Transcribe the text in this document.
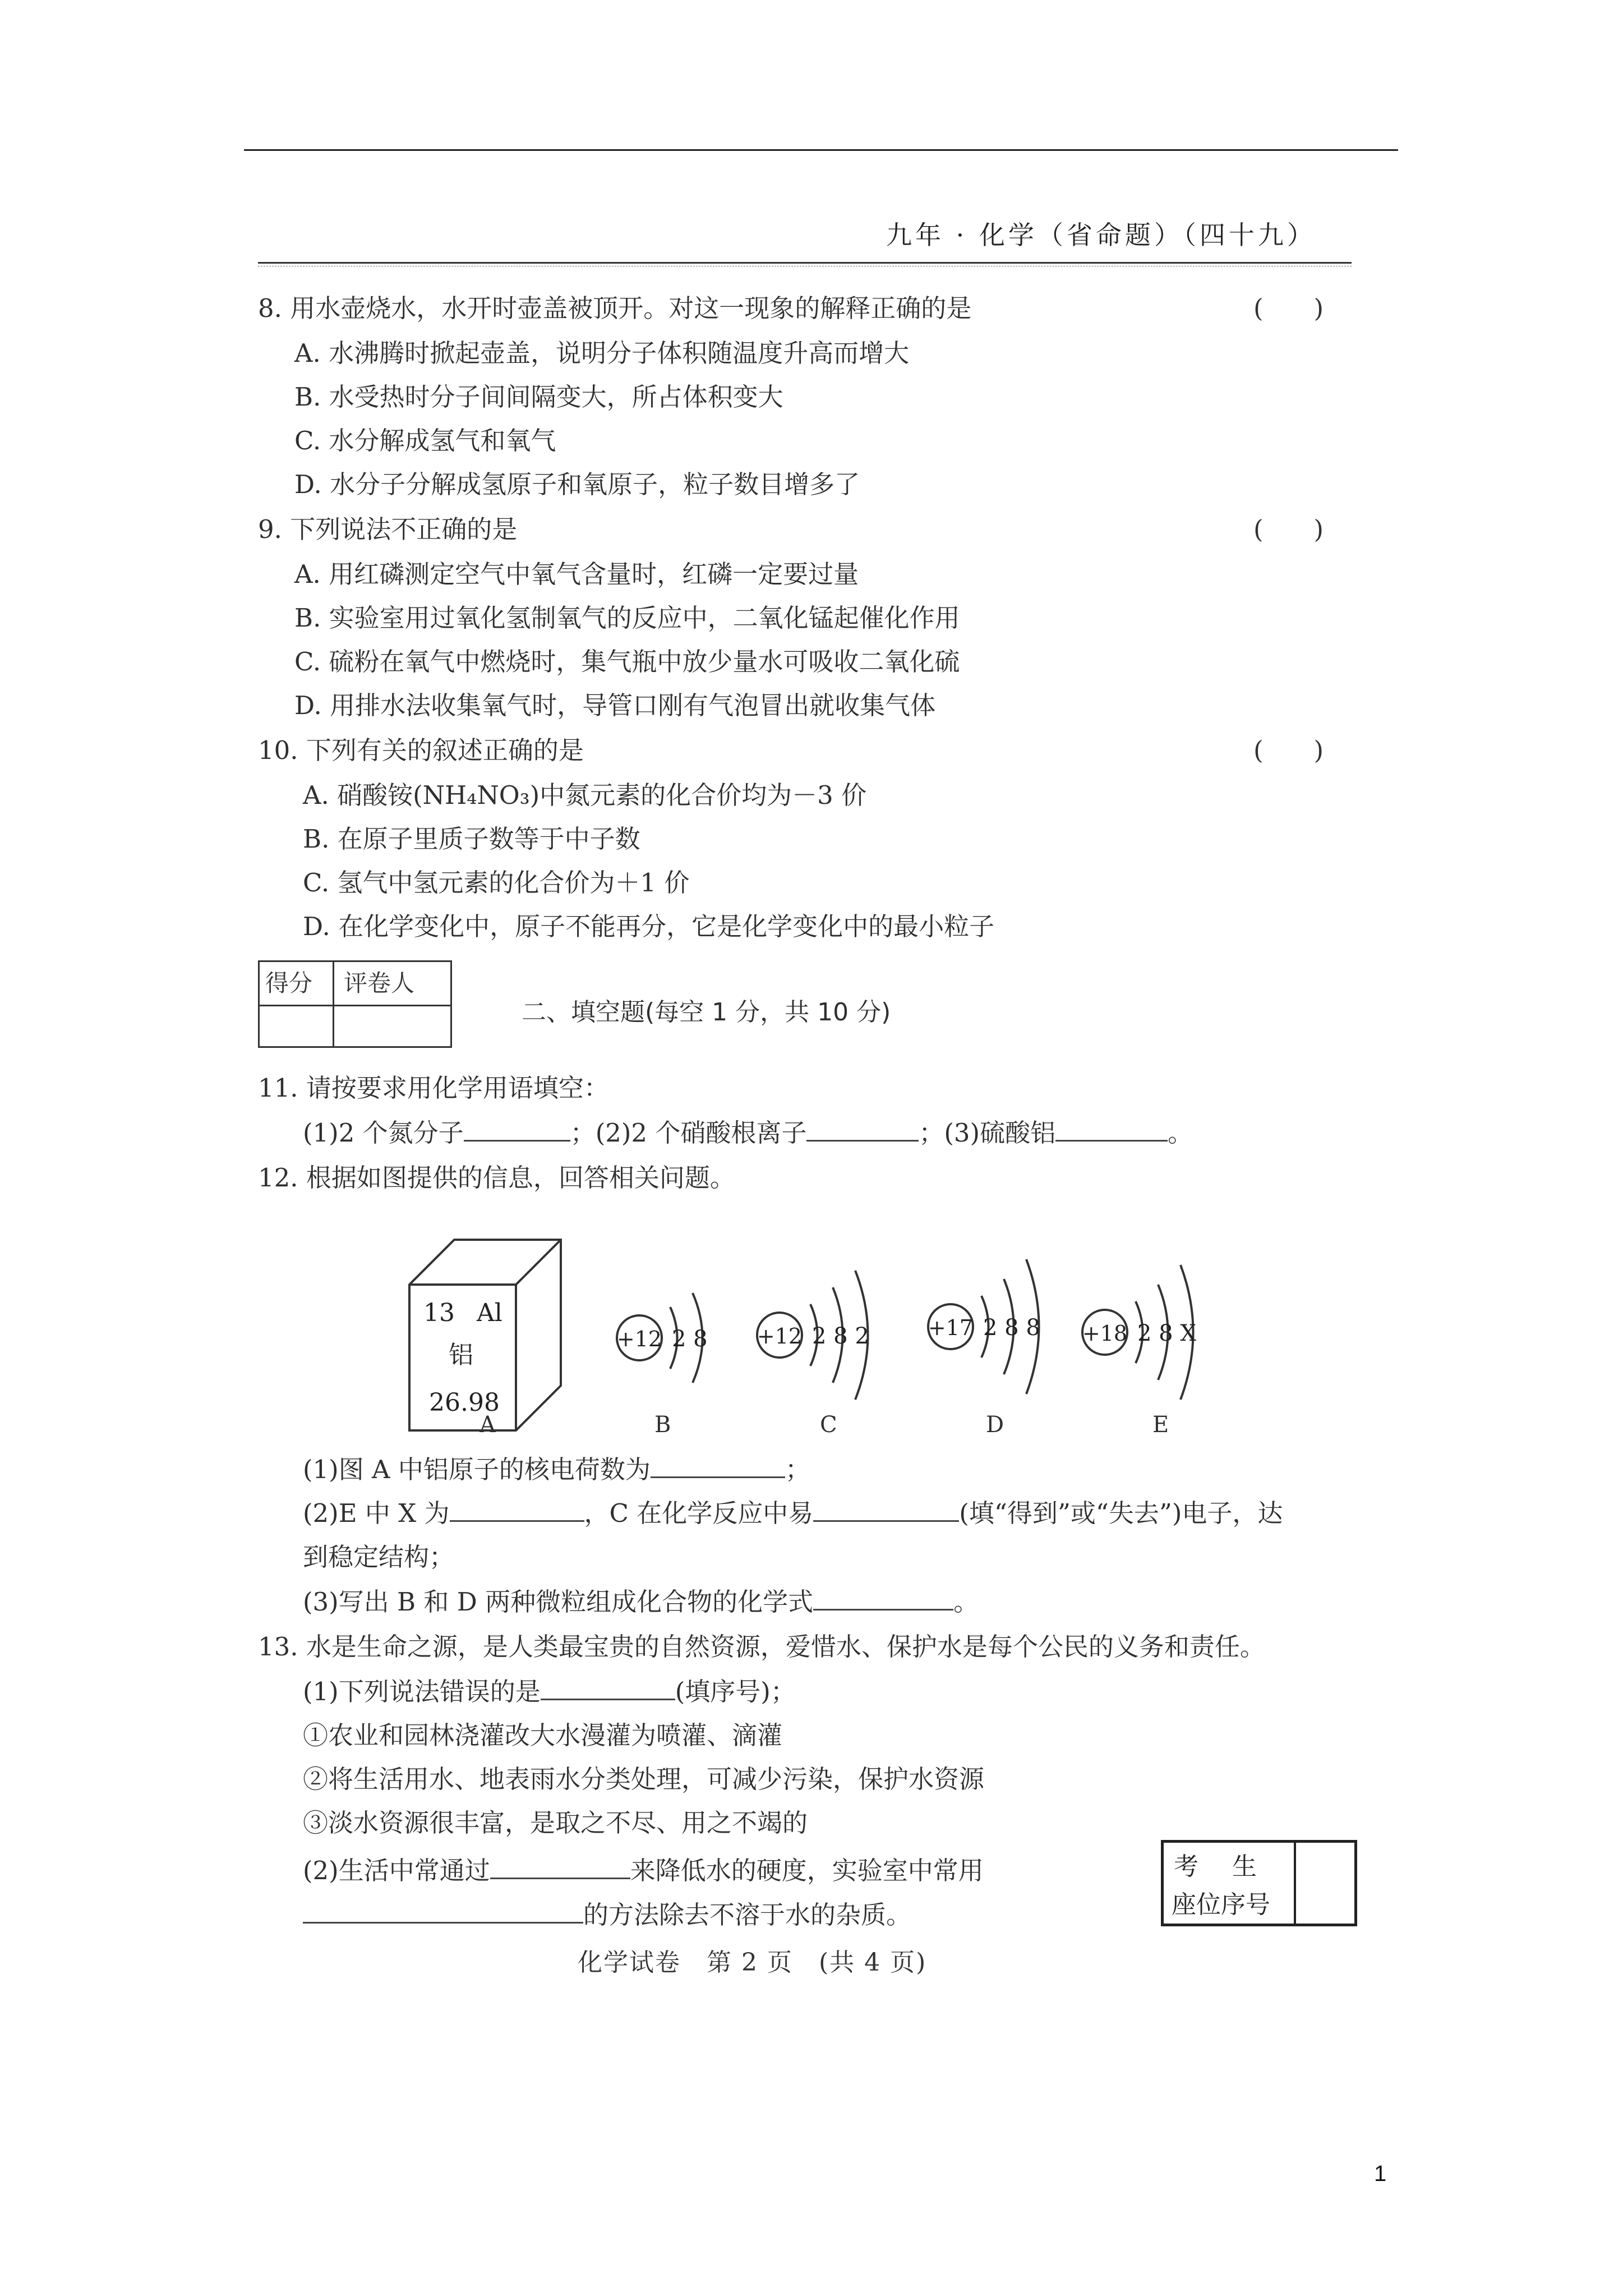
九年 · 化学（省命题）（四十九）
8. 用水壶烧水，水开时壶盖被顶开。对这一现象的解释正确的是	(　　)
A. 水沸腾时掀起壶盖，说明分子体积随温度升高而增大
B. 水受热时分子间间隔变大，所占体积变大
C. 水分解成氢气和氧气
D. 水分子分解成氢原子和氧原子，粒子数目增多了
9. 下列说法不正确的是	(　　)
A. 用红磷测定空气中氧气含量时，红磷一定要过量
B. 实验室用过氧化氢制氧气的反应中，二氧化锰起催化作用
C. 硫粉在氧气中燃烧时，集气瓶中放少量水可吸收二氧化硫
D. 用排水法收集氧气时，导管口刚有气泡冒出就收集气体
10. 下列有关的叙述正确的是	(　　)
A. 硝酸铵(NH₄NO₃)中氮元素的化合价均为－3 价
B. 在原子里质子数等于中子数
C. 氢气中氢元素的化合价为＋1 价
D. 在化学变化中，原子不能再分，它是化学变化中的最小粒子
得分 评卷人
二、填空题(每空 1 分，共 10 分)
11. 请按要求用化学用语填空：
(1)2 个氮分子	；(2)2 个硝酸根离子	；(3)硫酸铝	。
12. 根据如图提供的信息，回答相关问题。
13 Al
铝
26.98
+12 2 8 +12 2 8 2	+17 2 8 8 +18 2 8 X
A	B	C	D	E
(1)图 A 中铝原子的核电荷数为	；
(2)E 中 X 为	，C 在化学反应中易	(填“得到”或“失去”)电子，达
到稳定结构；
(3)写出 B 和 D 两种微粒组成化合物的化学式	。
13. 水是生命之源，是人类最宝贵的自然资源，爱惜水、保护水是每个公民的义务和责任。
(1)下列说法错误的是	(填序号)；
①农业和园林浇灌改大水漫灌为喷灌、滴灌
②将生活用水、地表雨水分类处理，可减少污染，保护水资源
③淡水资源很丰富，是取之不尽、用之不竭的
(2)生活中常通过	来降低水的硬度，实验室中常用
的方法除去不溶于水的杂质。
考生
座位序号
化学试卷　第 2 页　(共 4 页)
1
